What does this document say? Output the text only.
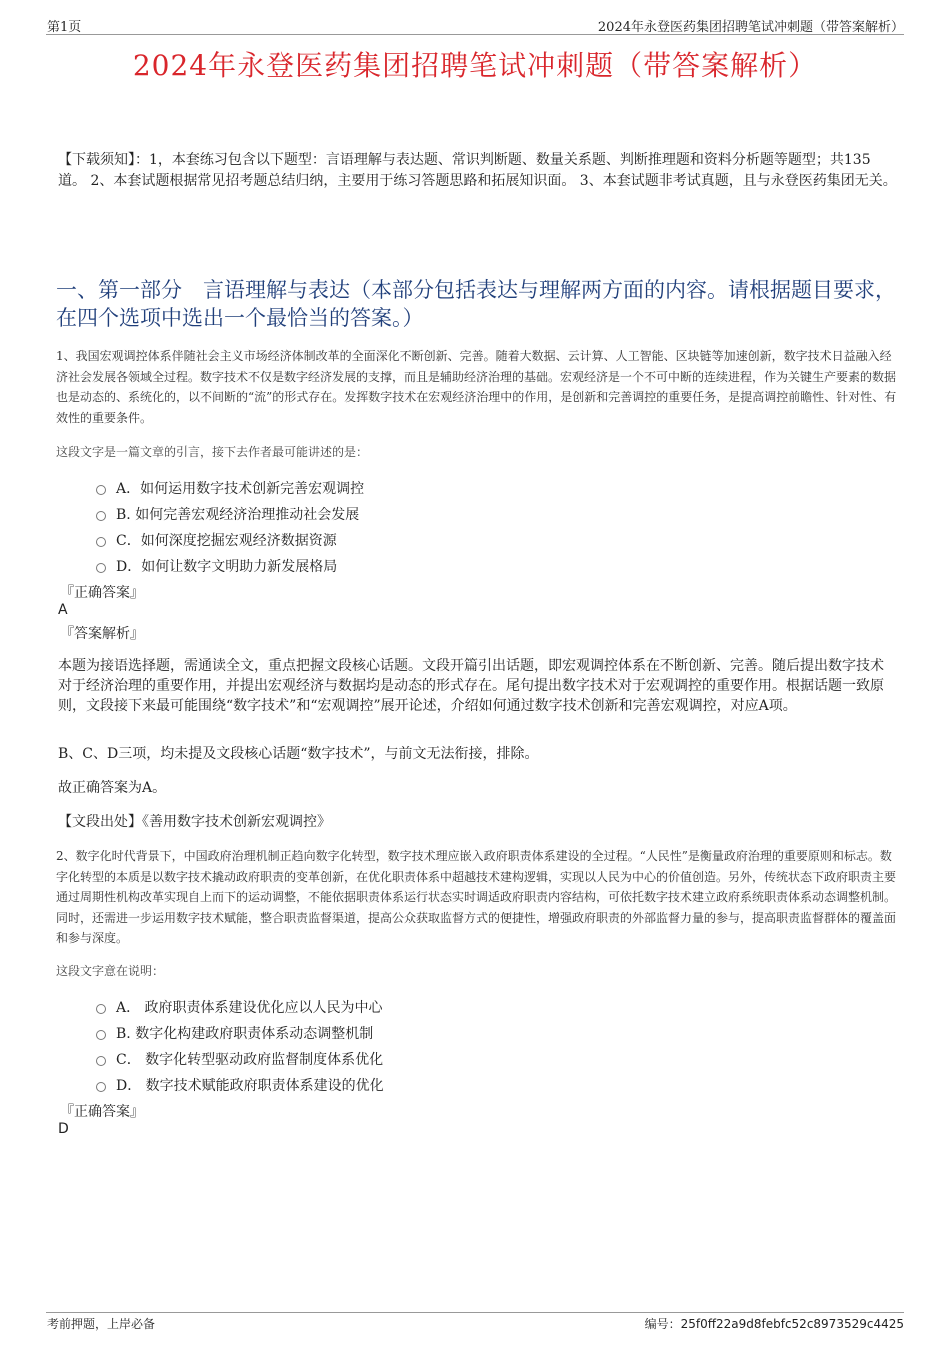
第1页	2024年永登医药集团招聘笔试冲刺题（带答案解析）
2024年永登医药集团招聘笔试冲刺题（带答案解析）
【下载须知】：1，本套练习包含以下题型：言语理解与表达题、常识判断题、数量关系题、判断推理题和资料分析题等题型；共135道。 2、本套试题根据常见招考题总结归纳，主要用于练习答题思路和拓展知识面。 3、本套试题非考试真题，且与永登医药集团无关。
一、第一部分　言语理解与表达（本部分包括表达与理解两方面的内容。请根据题目要求，在四个选项中选出一个最恰当的答案。）
1、我国宏观调控体系伴随社会主义市场经济体制改革的全面深化不断创新、完善。随着大数据、云计算、人工智能、区块链等加速创新，数字技术日益融入经济社会发展各领域全过程。数字技术不仅是数字经济发展的支撑，而且是辅助经济治理的基础。宏观经济是一个不可中断的连续进程，作为关键生产要素的数据也是动态的、系统化的，以不间断的“流”的形式存在。发挥数字技术在宏观经济治理中的作用，是创新和完善调控的重要任务，是提高调控前瞻性、针对性、有效性的重要条件。
这段文字是一篇文章的引言，接下去作者最可能讲述的是：
A．如何运用数字技术创新完善宏观调控
B. 如何完善宏观经济治理推动社会发展
C．如何深度挖掘宏观经济数据资源
D．如何让数字文明助力新发展格局
『正确答案』
A
『答案解析』
本题为接语选择题，需通读全文，重点把握文段核心话题。文段开篇引出话题，即宏观调控体系在不断创新、完善。随后提出数字技术对于经济治理的重要作用，并提出宏观经济与数据均是动态的形式存在。尾句提出数字技术对于宏观调控的重要作用。根据话题一致原则，文段接下来最可能围绕“数字技术”和“宏观调控”展开论述，介绍如何通过数字技术创新和完善宏观调控，对应A项。
B、C、D三项，均未提及文段核心话题“数字技术”，与前文无法衔接，排除。
故正确答案为A。
【文段出处】《善用数字技术创新宏观调控》
2、数字化时代背景下，中国政府治理机制正趋向数字化转型，数字技术理应嵌入政府职责体系建设的全过程。“人民性”是衡量政府治理的重要原则和标志。数字化转型的本质是以数字技术撬动政府职责的变革创新，在优化职责体系中超越技术建构逻辑，实现以人民为中心的价值创造。另外，传统状态下政府职责主要通过周期性机构改革实现自上而下的运动调整，不能依据职责体系运行状态实时调适政府职责内容结构，可依托数字技术建立政府系统职责体系动态调整机制。同时，还需进一步运用数字技术赋能，整合职责监督渠道，提高公众获取监督方式的便捷性，增强政府职责的外部监督力量的参与，提高职责监督群体的覆盖面和参与深度。
这段文字意在说明：
A． 政府职责体系建设优化应以人民为中心
B. 数字化构建政府职责体系动态调整机制
C． 数字化转型驱动政府监督制度体系优化
D． 数字技术赋能政府职责体系建设的优化
『正确答案』
D
考前押题，上岸必备	编号：25f0ff22a9d8febfc52c8973529c4425
